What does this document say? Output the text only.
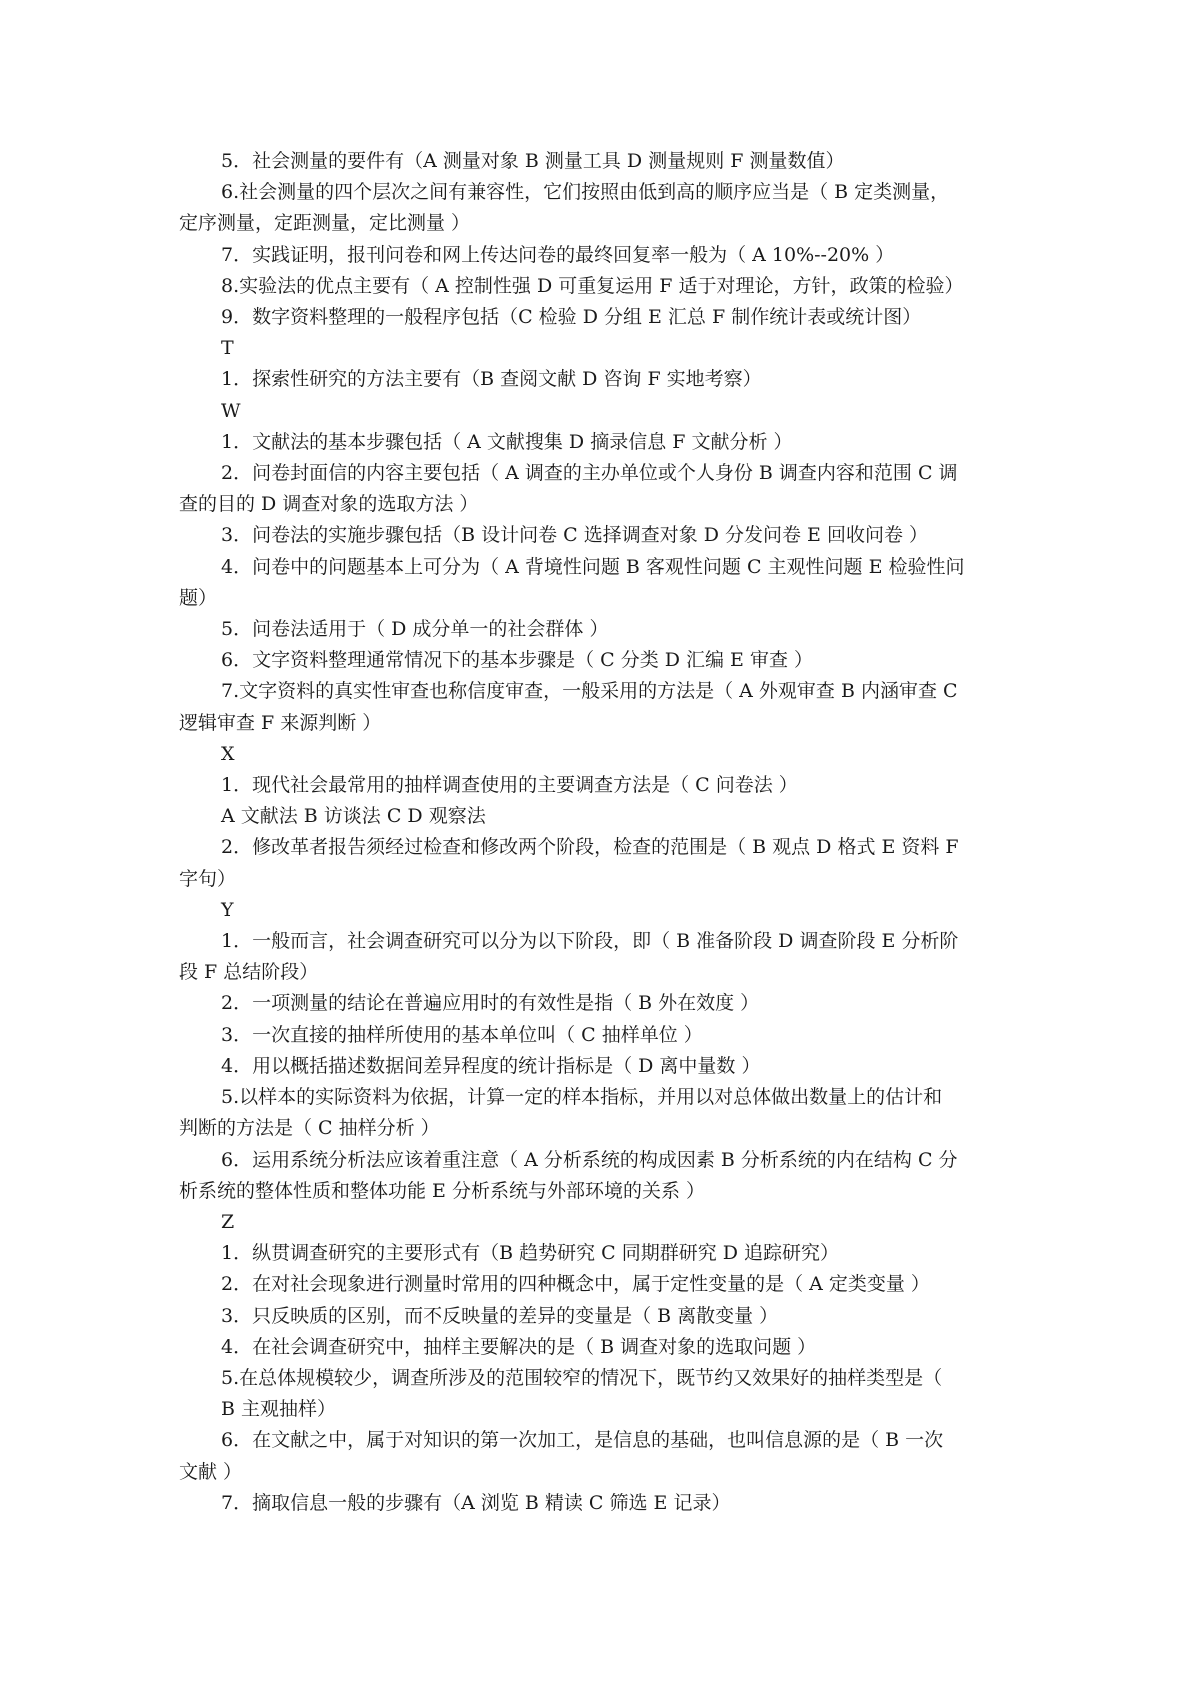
5．社会测量的要件有（A 测量对象 B 测量工具 D 测量规则 F 测量数值）

6.社会测量的四个层次之间有兼容性，它们按照由低到高的顺序应当是（ B 定类测量，

定序测量，定距测量，定比测量 ）

7．实践证明，报刊问卷和网上传达问卷的最终回复率一般为（ A 10%--20% ）

8.实验法的优点主要有（ A 控制性强 D 可重复运用 F 适于对理论，方针，政策的检验）

9．数字资料整理的一般程序包括（C 检验 D 分组 E 汇总 F 制作统计表或统计图）

T

1．探索性研究的方法主要有（B 查阅文献 D 咨询 F 实地考察）

W

1．文献法的基本步骤包括（ A 文献搜集 D 摘录信息 F 文献分析 ）

2．问卷封面信的内容主要包括（ A 调查的主办单位或个人身份 B 调查内容和范围 C 调

查的目的 D 调查对象的选取方法 ）

3．问卷法的实施步骤包括（B 设计问卷 C 选择调查对象 D 分发问卷 E 回收问卷 ）

4．问卷中的问题基本上可分为（ A 背境性问题 B 客观性问题 C 主观性问题 E 检验性问

题）

5．问卷法适用于（ D 成分单一的社会群体 ）

6．文字资料整理通常情况下的基本步骤是（ C 分类 D 汇编 E 审查 ）

7.文字资料的真实性审查也称信度审查，一般采用的方法是（ A 外观审查 B 内涵审查 C

逻辑审查 F 来源判断 ）

X

1．现代社会最常用的抽样调查使用的主要调查方法是（ C 问卷法 ）

A 文献法 B 访谈法 C D 观察法

2．修改革者报告须经过检查和修改两个阶段，检查的范围是（ B 观点 D 格式 E 资料 F

字句）

Y

1．一般而言，社会调查研究可以分为以下阶段，即（ B 准备阶段 D 调查阶段 E 分析阶

段 F 总结阶段）

2．一项测量的结论在普遍应用时的有效性是指（ B 外在效度 ）

3．一次直接的抽样所使用的基本单位叫（ C 抽样单位 ）

4．用以概括描述数据间差异程度的统计指标是（ D 离中量数 ）

5.以样本的实际资料为依据，计算一定的样本指标，并用以对总体做出数量上的估计和

判断的方法是（ C 抽样分析 ）

6．运用系统分析法应该着重注意（ A 分析系统的构成因素 B 分析系统的内在结构 C 分

析系统的整体性质和整体功能 E 分析系统与外部环境的关系 ）

Z

1．纵贯调查研究的主要形式有（B 趋势研究 C 同期群研究 D 追踪研究）

2．在对社会现象进行测量时常用的四种概念中，属于定性变量的是（ A 定类变量 ）

3．只反映质的区别，而不反映量的差异的变量是（ B 离散变量 ）

4．在社会调查研究中，抽样主要解决的是（ B 调查对象的选取问题 ）

5.在总体规模较少，调查所涉及的范围较窄的情况下，既节约又效果好的抽样类型是（

B 主观抽样）

6．在文献之中，属于对知识的第一次加工，是信息的基础，也叫信息源的是（ B 一次

文献 ）

7．摘取信息一般的步骤有（A 浏览 B 精读 C 筛选 E 记录）
